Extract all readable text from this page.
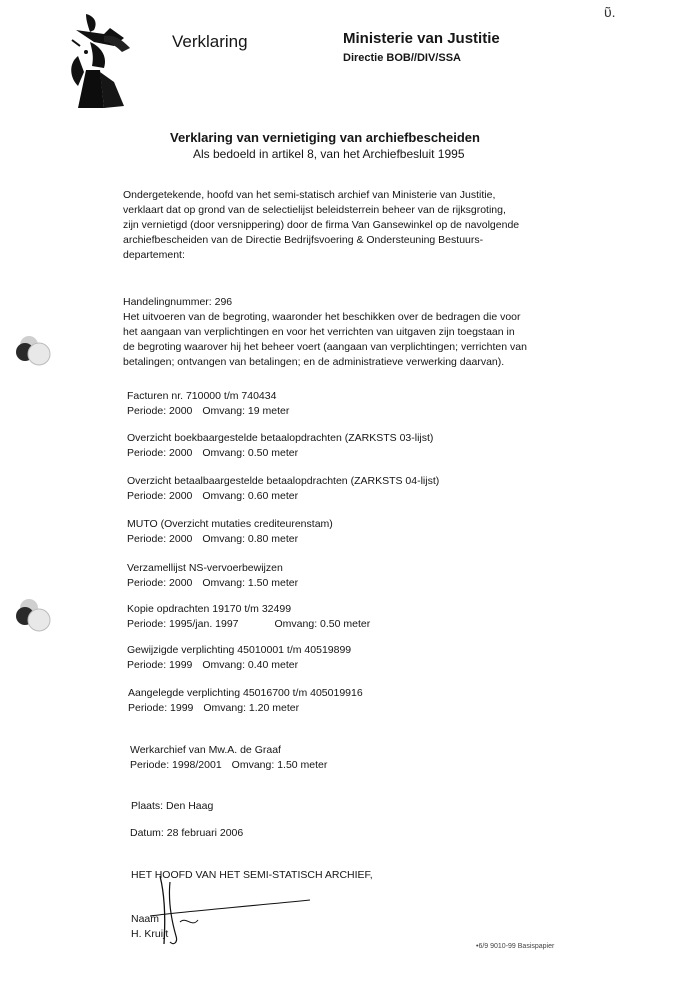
ῦ.
Verklaring	Ministerie van Justitie
Directie BOB//DIV/SSA
Verklaring van vernietiging van archiefbescheiden
Als bedoeld in artikel 8, van het Archiefbesluit 1995
Ondergetekende, hoofd van het semi-statisch archief van Ministerie van Justitie,
verklaart dat op grond van de selectielijst beleidsterrein beheer van de rijksgroting,
zijn vernietigd (door versnippering) door de firma Van Gansewinkel op de navolgende
archiefbescheiden van de Directie Bedrijfsvoering & Ondersteuning Bestuurs-
departement:
Handelingnummer: 296
Het uitvoeren van de begroting, waaronder het beschikken over de bedragen die voor
het aangaan van verplichtingen en voor het verrichten van uitgaven zijn toegstaan in
de begroting waarover hij het beheer voert (aangaan van verplichtingen; verrichten van
betalingen; ontvangen van betalingen; en de administratieve verwerking daarvan).
Facturen nr. 710000 t/m 740434
Periode: 2000 Omvang: 19 meter
Overzicht boekbaargestelde betaalopdrachten (ZARKSTS 03-lijst)
Periode: 2000 Omvang: 0.50 meter
Overzicht betaalbaargestelde betaalopdrachten (ZARKSTS 04-lijst)
Periode: 2000 Omvang: 0.60 meter
MUTO (Overzicht mutaties crediteurenstam)
Periode: 2000 Omvang: 0.80 meter
Verzamellijst NS-vervoerbewijzen
Periode: 2000 Omvang: 1.50 meter
Kopie opdrachten 19170 t/m 32499
Periode: 1995/jan. 1997	Omvang: 0.50 meter
Gewijzigde verplichting 45010001 t/m 40519899
Periode: 1999 Omvang: 0.40 meter
Aangelegde verplichting 45016700 t/m 405019916
Periode: 1999 Omvang: 1.20 meter
Werkarchief van Mw.A. de Graaf
Periode: 1998/2001 Omvang: 1.50 meter
Plaats: Den Haag
Datum: 28 februari 2006
HET HOOFD VAN HET SEMI-STATISCH ARCHIEF,
Naam
H. Kruijt
•6/9 9010-99 Basispapier
